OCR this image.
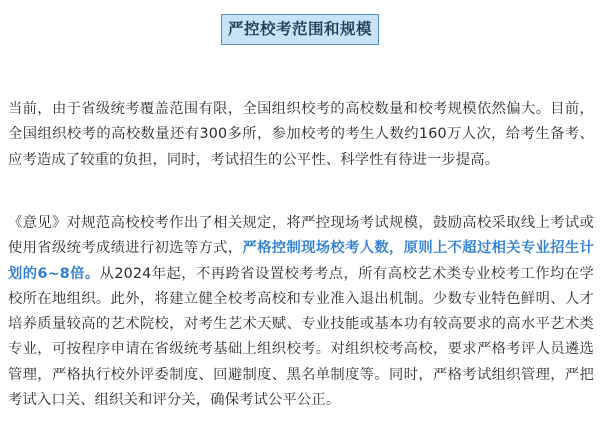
严控校考范围和规模

当前，由于省级统考覆盖范围有限，全国组织校考的高校数量和校考规模依然偏大。目前，全国组织校考的高校数量还有300多所，参加校考的考生人数约160万人次，给考生备考、应考造成了较重的负担，同时，考试招生的公平性、科学性有待进一步提高。

《意见》对规范高校校考作出了相关规定，将严控现场考试规模，鼓励高校采取线上考试或使用省级统考成绩进行初选等方式，严格控制现场校考人数，原则上不超过相关专业招生计划的6~8倍。从2024年起，不再跨省设置校考考点，所有高校艺术类专业校考工作均在学校所在地组织。此外，将建立健全校考高校和专业准入退出机制。少数专业特色鲜明、人才培养质量较高的艺术院校，对考生艺术天赋、专业技能或基本功有较高要求的高水平艺术类专业，可按程序申请在省级统考基础上组织校考。对组织校考高校，要求严格考评人员遴选管理，严格执行校外评委制度、回避制度、黑名单制度等。同时，严格考试组织管理，严把考试入口关、组织关和评分关，确保考试公平公正。
